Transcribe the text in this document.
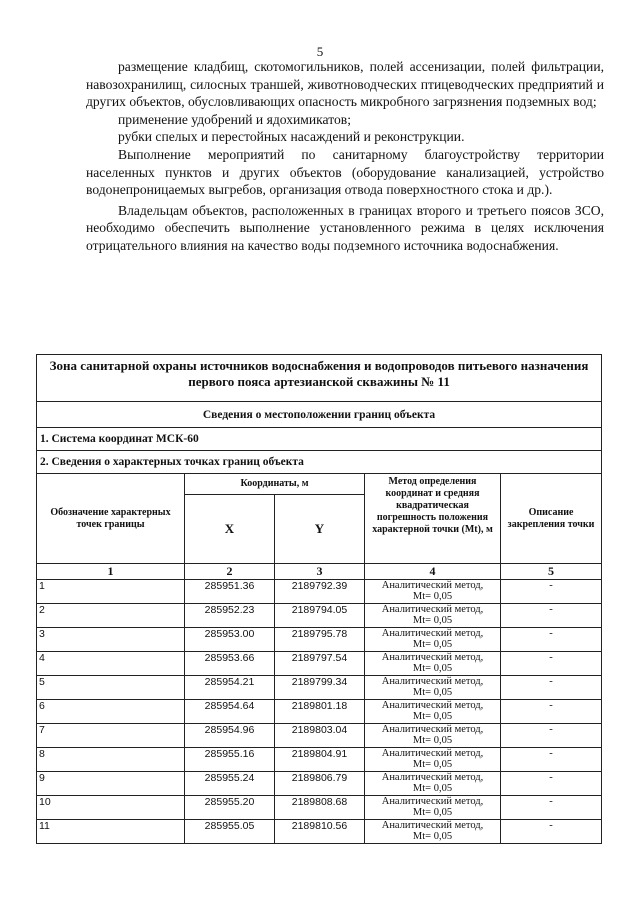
5

размещение кладбищ, скотомогильников, полей ассенизации, полей фильтрации, навозохранилищ, силосных траншей, животноводческих птицеводческих предприятий и других объектов, обусловливающих опасность микробного загрязнения подземных вод;

применение удобрений и ядохимикатов;

рубки спелых и перестойных насаждений и реконструкции.

Выполнение мероприятий по санитарному благоустройству территории населенных пунктов и других объектов (оборудование канализацией, устройство водонепроницаемых выгребов, организация отвода поверхностного стока и др.).

Владельцам объектов, расположенных в границах второго и третьего поясов ЗСО, необходимо обеспечить выполнение установленного режима в целях исключения отрицательного влияния на качество воды подземного источника водоснабжения.

Зона санитарной охраны источников водоснабжения и водопроводов питьевого назначения первого пояса артезианской скважины № 11				
Сведения о местоположении границ объекта				
1. Система координат МСК-60				
2. Сведения о характерных точках границ объекта				
Обозначение характерных точек границы	Координаты, м		Метод определения координат и средняя квадратическая погрешность положения характерной точки (Mt), м	Описание закрепления точки
	X	Y		
1	2	3	4	5
1	285951.36	2189792.39	Аналитический метод,
Mt= 0,05	-
2	285952.23	2189794.05	Аналитический метод,
Mt= 0,05	-
3	285953.00	2189795.78	Аналитический метод,
Mt= 0,05	-
4	285953.66	2189797.54	Аналитический метод,
Mt= 0,05	-
5	285954.21	2189799.34	Аналитический метод,
Mt= 0,05	-
6	285954.64	2189801.18	Аналитический метод,
Mt= 0,05	-
7	285954.96	2189803.04	Аналитический метод,
Mt= 0,05	-
8	285955.16	2189804.91	Аналитический метод,
Mt= 0,05	-
9	285955.24	2189806.79	Аналитический метод,
Mt= 0,05	-
10	285955.20	2189808.68	Аналитический метод,
Mt= 0,05	-
11	285955.05	2189810.56	Аналитический метод,
Mt= 0,05	-
